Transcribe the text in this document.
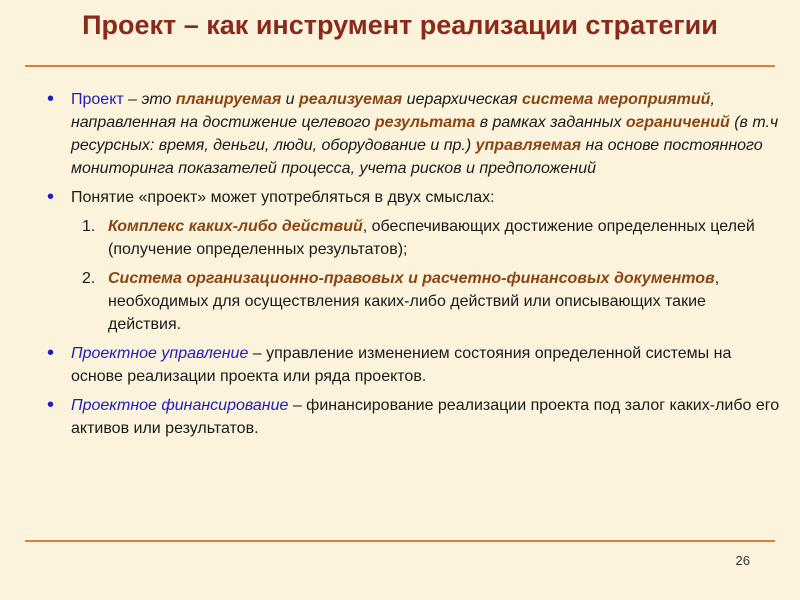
Проект – как инструмент реализации стратегии
• Проект – это планируемая и реализуемая иерархическая система мероприятий, направленная на достижение целевого результата в рамках заданных ограничений (в т.ч ресурсных: время, деньги, люди, оборудование и пр.) управляемая на основе постоянного мониторинга показателей процесса, учета рисков и предположений
• Понятие «проект» может употребляться в двух смыслах:
1. Комплекс каких-либо действий, обеспечивающих достижение определенных целей (получение определенных результатов);
2. Система организационно-правовых и расчетно-финансовых документов, необходимых для осуществления каких-либо действий или описывающих такие действия.
• Проектное управление – управление изменением состояния определенной системы на основе реализации проекта или ряда проектов.
• Проектное финансирование – финансирование реализации проекта под залог каких-либо его активов или результатов.
26
